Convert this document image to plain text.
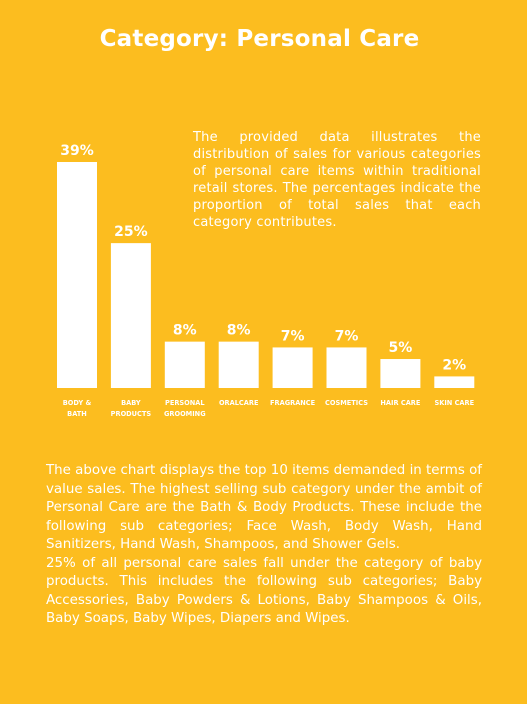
Category: Personal Care
39%
BODY &
BATH
25%
BABY
PRODUCTS
8%
PERSONAL
GROOMING
8%
ORALCARE
7%
FRAGRANCE
7%
COSMETICS
5%
HAIR CARE
2%
SKIN CARE
The provided data illustrates the distribution of sales for various categories of personal care items within traditional retail stores. The percentages indicate the proportion of total sales that each category contributes.

The above chart displays the top 10 items demanded in terms of value sales. The highest selling sub category under the ambit of Personal Care are the Bath & Body Products. These include the following sub categories; Face Wash, Body Wash, Hand Sanitizers, Hand Wash, Shampoos, and Shower Gels.

25% of all personal care sales fall under the category of baby products. This includes the following sub categories; Baby Accessories, Baby Powders & Lotions, Baby Shampoos & Oils, Baby Soaps, Baby Wipes, Diapers and Wipes.
